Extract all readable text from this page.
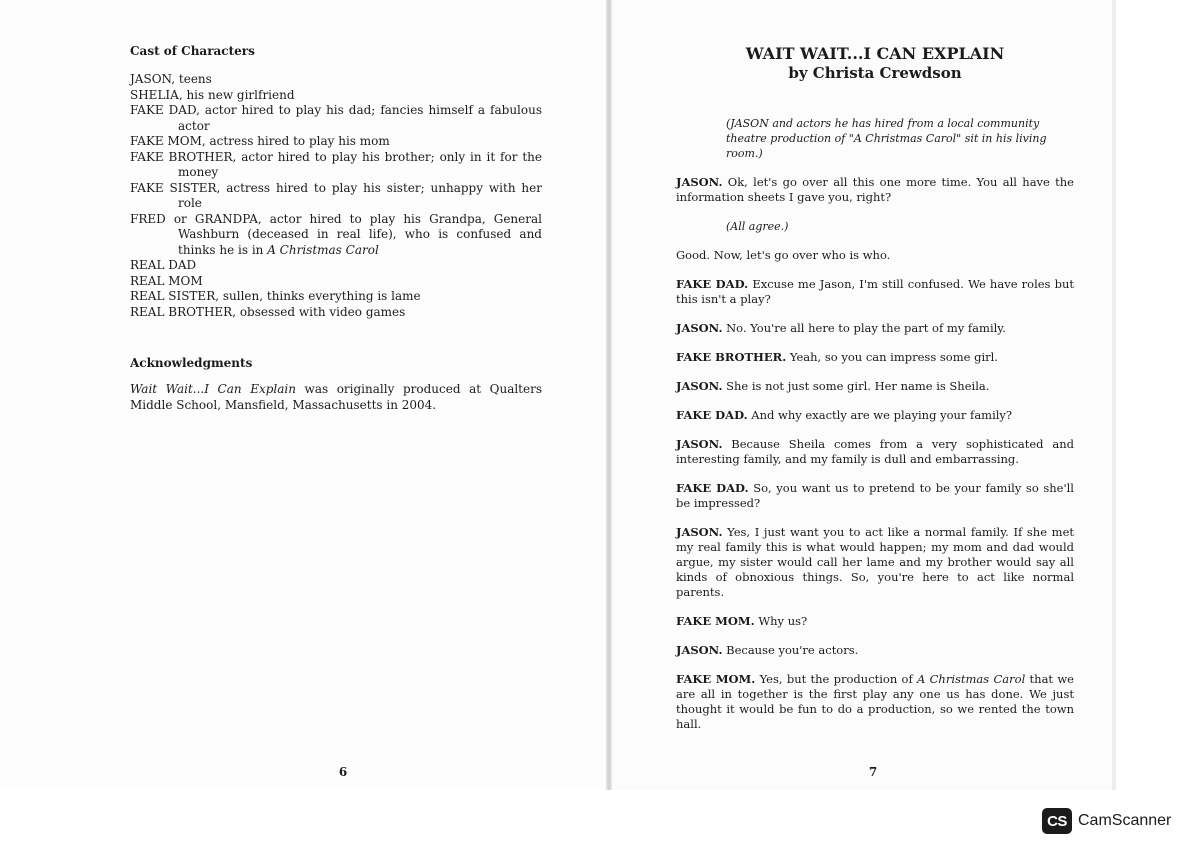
Cast of Characters

JASON, teens
SHELIA, his new girlfriend
FAKE DAD, actor hired to play his dad; fancies himself a fabulous actor
FAKE MOM, actress hired to play his mom
FAKE BROTHER, actor hired to play his brother; only in it for the money
FAKE SISTER, actress hired to play his sister; unhappy with her role
FRED or GRANDPA, actor hired to play his Grandpa, General Washburn (deceased in real life), who is confused and thinks he is in A Christmas Carol
REAL DAD
REAL MOM
REAL SISTER, sullen, thinks everything is lame
REAL BROTHER, obsessed with video games

Acknowledgments

Wait Wait...I Can Explain was originally produced at Qualters Middle School, Mansfield, Massachusetts in 2004.

6

WAIT WAIT...I CAN EXPLAIN

by Christa Crewdson

(JASON and actors he has hired from a local community theatre production of "A Christmas Carol" sit in his living room.)

JASON. Ok, let's go over all this one more time. You all have the information sheets I gave you, right?

(All agree.)

Good. Now, let's go over who is who.

FAKE DAD. Excuse me Jason, I'm still confused. We have roles but this isn't a play?

JASON. No. You're all here to play the part of my family.

FAKE BROTHER. Yeah, so you can impress some girl.

JASON. She is not just some girl. Her name is Sheila.

FAKE DAD. And why exactly are we playing your family?

JASON. Because Sheila comes from a very sophisticated and interesting family, and my family is dull and embarrassing.

FAKE DAD. So, you want us to pretend to be your family so she'll be impressed?

JASON. Yes, I just want you to act like a normal family. If she met my real family this is what would happen; my mom and dad would argue, my sister would call her lame and my brother would say all kinds of obnoxious things. So, you're here to act like normal parents.

FAKE MOM. Why us?

JASON. Because you're actors.

FAKE MOM. Yes, but the production of A Christmas Carol that we are all in together is the first play any one us has done. We just thought it would be fun to do a production, so we rented the town hall.

7
CS CamScanner
